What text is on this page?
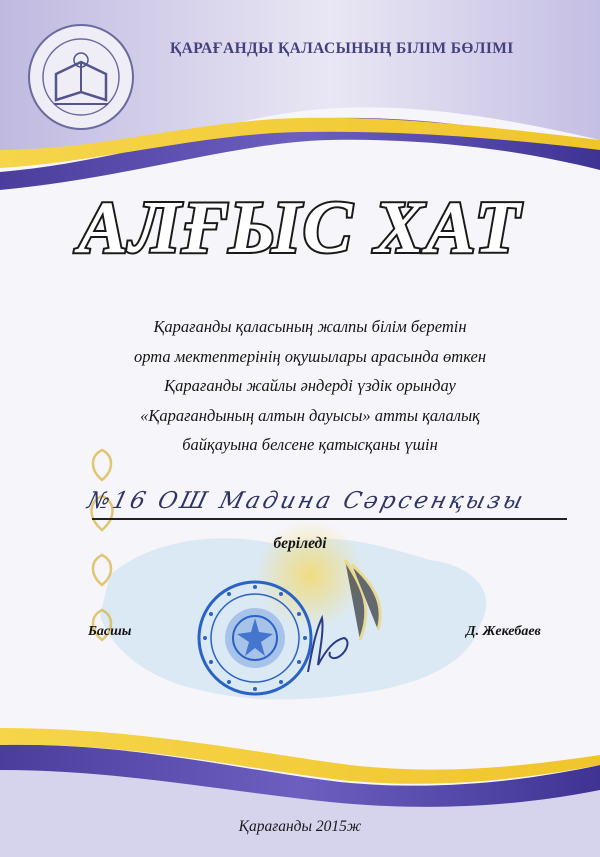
ҚАРАҒАНДЫ ҚАЛАСЫНЫҢ БІЛІМ БӨЛІМІ
АЛҒЫС ХАТ
Қарағанды қаласының жалпы білім беретін
орта мектептерінің оқушылары арасында өткен
Қарағанды жайлы әндерді үздік орындау
«Қарағандының алтын дауысы» атты қалалық
байқауына белсене қатысқаны үшін
№16 ОШ Мадина Сәрсенқызы
беріледі
Басшы	Д. Жекебаев
Қарағанды 2015ж
